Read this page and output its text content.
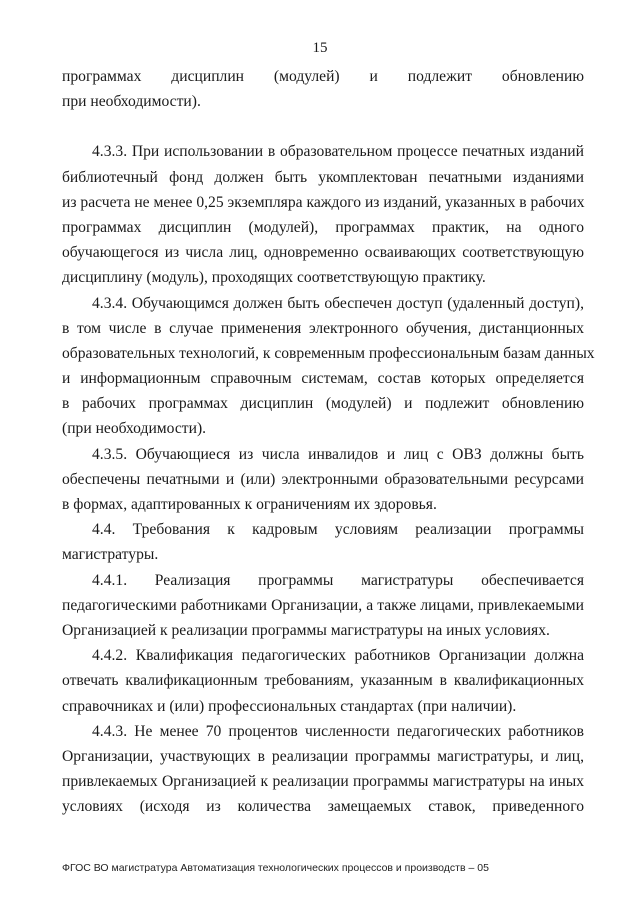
15
программах дисциплин (модулей) и подлежит обновлению
при необходимости).
4.3.3. При использовании в образовательном процессе печатных изданий
библиотечный фонд должен быть укомплектован печатными изданиями
из расчета не менее 0,25 экземпляра каждого из изданий, указанных в рабочих
программах дисциплин (модулей), программах практик, на одного
обучающегося из числа лиц, одновременно осваивающих соответствующую
дисциплину (модуль), проходящих соответствующую практику.
4.3.4. Обучающимся должен быть обеспечен доступ (удаленный доступ),
в том числе в случае применения электронного обучения, дистанционных
образовательных технологий, к современным профессиональным базам данных
и информационным справочным системам, состав которых определяется
в рабочих программах дисциплин (модулей) и подлежит обновлению
(при необходимости).
4.3.5. Обучающиеся из числа инвалидов и лиц с ОВЗ должны быть
обеспечены печатными и (или) электронными образовательными ресурсами
в формах, адаптированных к ограничениям их здоровья.
4.4. Требования к кадровым условиям реализации программы
магистратуры.
4.4.1. Реализация программы магистратуры обеспечивается
педагогическими работниками Организации, а также лицами, привлекаемыми
Организацией к реализации программы магистратуры на иных условиях.
4.4.2. Квалификация педагогических работников Организации должна
отвечать квалификационным требованиям, указанным в квалификационных
справочниках и (или) профессиональных стандартах (при наличии).
4.4.3. Не менее 70 процентов численности педагогических работников
Организации, участвующих в реализации программы магистратуры, и лиц,
привлекаемых Организацией к реализации программы магистратуры на иных
условиях (исходя из количества замещаемых ставок, приведенного
ФГОС ВО магистратура Автоматизация технологических процессов и производств – 05
